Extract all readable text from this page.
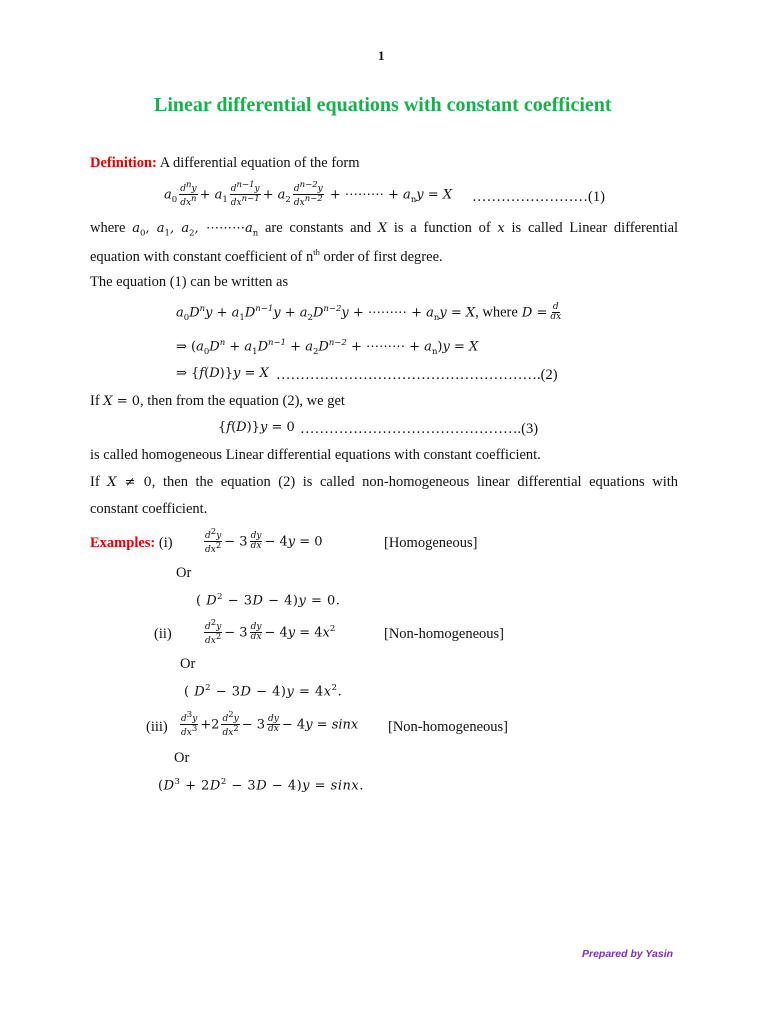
1
Linear differential equations with constant coefficient
Definition: A differential equation of the form
$a_0 \frac{d^ny}{dx^n} + a_1 \frac{d^{n-1}y}{dx^{n-1}} + a_2 \frac{d^{n-2}y}{dx^{n-2}}$ + ⋯⋯⋯ + $a_ny = X$ ……………………(1)
where $a_0$, $a_1$, $a_2$, $\cdots\cdots\cdots a_n$ are constants and X is a function of x is called Linear differential
equation with constant coefficient of $n^{th}$ order of first degree.
The equation (1) can be written as
$a_0D^ny + a_1D^{n-1}y + a_2D^{n-2}y$ + ⋯⋯⋯ + $a_ny = X$, where $D = \frac{d}{dx}$
⇒ ($a_0D^n + a_1D^{n-1} + a_2D^{n-2}$ + ⋯⋯⋯ + $a_n)y = X$
⇒ {f(D)}y = X ……………………………………………….(2)
If X = 0, then from the equation (2), we get
{f(D)}y = 0 ……………………………………….(3)
is called homogeneous Linear differential equations with constant coefficient.
If X ≠ 0, then the equation (2) is called non-homogeneous linear differential equations with
constant coefficient.
Examples: (i)	$\frac{d^2y}{dx^2} - 3 \frac{dy}{dx} - 4y = 0$	[Homogeneous]
Or
( $D^2 - 3D - 4)y = 0$.
(ii)	$\frac{d^2y}{dx^2} - 3 \frac{dy}{dx} - 4y = 4x^2$	[Non-homogeneous]
Or
( $D^2 - 3D - 4)y = 4x^2$.
$(iii) \frac{d^3y}{dx^3} +2 \frac{d^2y}{dx^2} - 3 \frac{dy}{dx} - 4y = \sin x$ [Non-homogeneous]
Or
$(D^3 + 2D^2 - 3D - 4)y = \sin x$.
Prepared by Yasin
